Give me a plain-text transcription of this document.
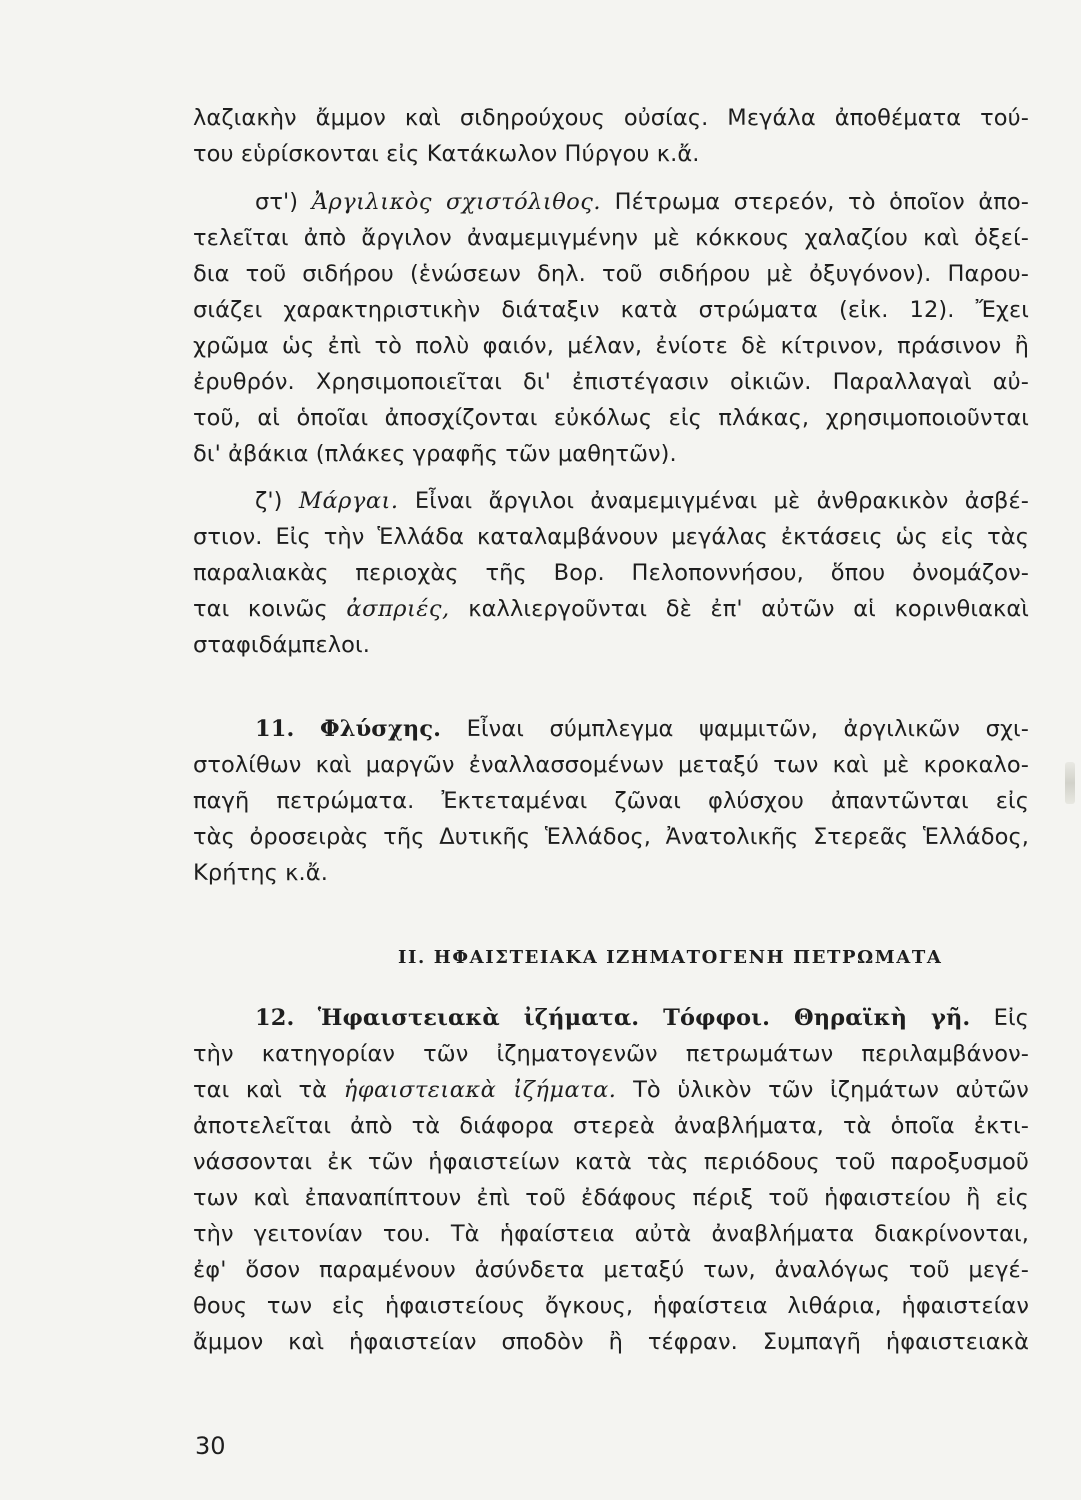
λαζιακὴν ἄμμον καὶ σιδηρούχους οὐσίας. Μεγάλα ἀποθέματα τού-
του εὑρίσκονται εἰς Κατάκωλον Πύργου κ.ἄ.
στ') Ἀργιλικὸς σχιστόλιθος. Πέτρωμα στερεόν, τὸ ὁποῖον ἀπο-
τελεῖται ἀπὸ ἄργιλον ἀναμεμιγμένην μὲ κόκκους χαλαζίου καὶ ὀξεί-
δια τοῦ σιδήρου (ἑνώσεων δηλ. τοῦ σιδήρου μὲ ὀξυγόνον). Παρου-
σιάζει χαρακτηριστικὴν διάταξιν κατὰ στρώματα (εἰκ. 12). Ἔχει
χρῶμα ὡς ἐπὶ τὸ πολὺ φαιόν, μέλαν, ἐνίοτε δὲ κίτρινον, πράσινον ἢ
ἐρυθρόν. Χρησιμοποιεῖται δι' ἐπιστέγασιν οἰκιῶν. Παραλλαγαὶ αὐ-
τοῦ, αἱ ὁποῖαι ἀποσχίζονται εὐκόλως εἰς πλάκας, χρησιμοποιοῦνται
δι' ἀβάκια (πλάκες γραφῆς τῶν μαθητῶν).
ζ') Μάργαι. Εἶναι ἄργιλοι ἀναμεμιγμέναι μὲ ἀνθρακικὸν ἀσβέ-
στιον. Εἰς τὴν Ἑλλάδα καταλαμβάνουν μεγάλας ἐκτάσεις ὡς εἰς τὰς
παραλιακὰς περιοχὰς τῆς Βορ. Πελοποννήσου, ὅπου ὀνομάζον-
ται κοινῶς ἀσπριές, καλλιεργοῦνται δὲ ἐπ' αὐτῶν αἱ κορινθιακαὶ
σταφιδάμπελοι.
11. Φλύσχης. Εἶναι σύμπλεγμα ψαμμιτῶν, ἀργιλικῶν σχι-
στολίθων καὶ μαργῶν ἐναλλασσομένων μεταξύ των καὶ μὲ κροκαλο-
παγῆ πετρώματα. Ἐκτεταμέναι ζῶναι φλύσχου ἀπαντῶνται εἰς
τὰς ὀροσειρὰς τῆς Δυτικῆς Ἑλλάδος, Ἀνατολικῆς Στερεᾶς Ἑλλάδος,
Κρήτης κ.ἄ.
II. ΗΦΑΙΣΤΕΙΑΚΑ ΙΖΗΜΑΤΟΓΕΝΗ ΠΕΤΡΩΜΑΤΑ
12. Ἡφαιστειακὰ ἰζήματα. Τόφφοι. Θηραϊκὴ γῆ. Εἰς
τὴν κατηγορίαν τῶν ἰζηματογενῶν πετρωμάτων περιλαμβάνον-
ται καὶ τὰ ἡφαιστειακὰ ἰζήματα. Τὸ ὑλικὸν τῶν ἰζημάτων αὐτῶν
ἀποτελεῖται ἀπὸ τὰ διάφορα στερεὰ ἀναβλήματα, τὰ ὁποῖα ἐκτι-
νάσσονται ἐκ τῶν ἡφαιστείων κατὰ τὰς περιόδους τοῦ παροξυσμοῦ
των καὶ ἐπαναπίπτουν ἐπὶ τοῦ ἐδάφους πέριξ τοῦ ἡφαιστείου ἢ εἰς
τὴν γειτονίαν του. Τὰ ἡφαίστεια αὐτὰ ἀναβλήματα διακρίνονται,
ἐφ' ὅσον παραμένουν ἀσύνδετα μεταξύ των, ἀναλόγως τοῦ μεγέ-
θους των εἰς ἡφαιστείους ὄγκους, ἡφαίστεια λιθάρια, ἡφαιστείαν
ἄμμον καὶ ἡφαιστείαν σποδὸν ἢ τέφραν. Συμπαγῆ ἡφαιστειακὰ
30
